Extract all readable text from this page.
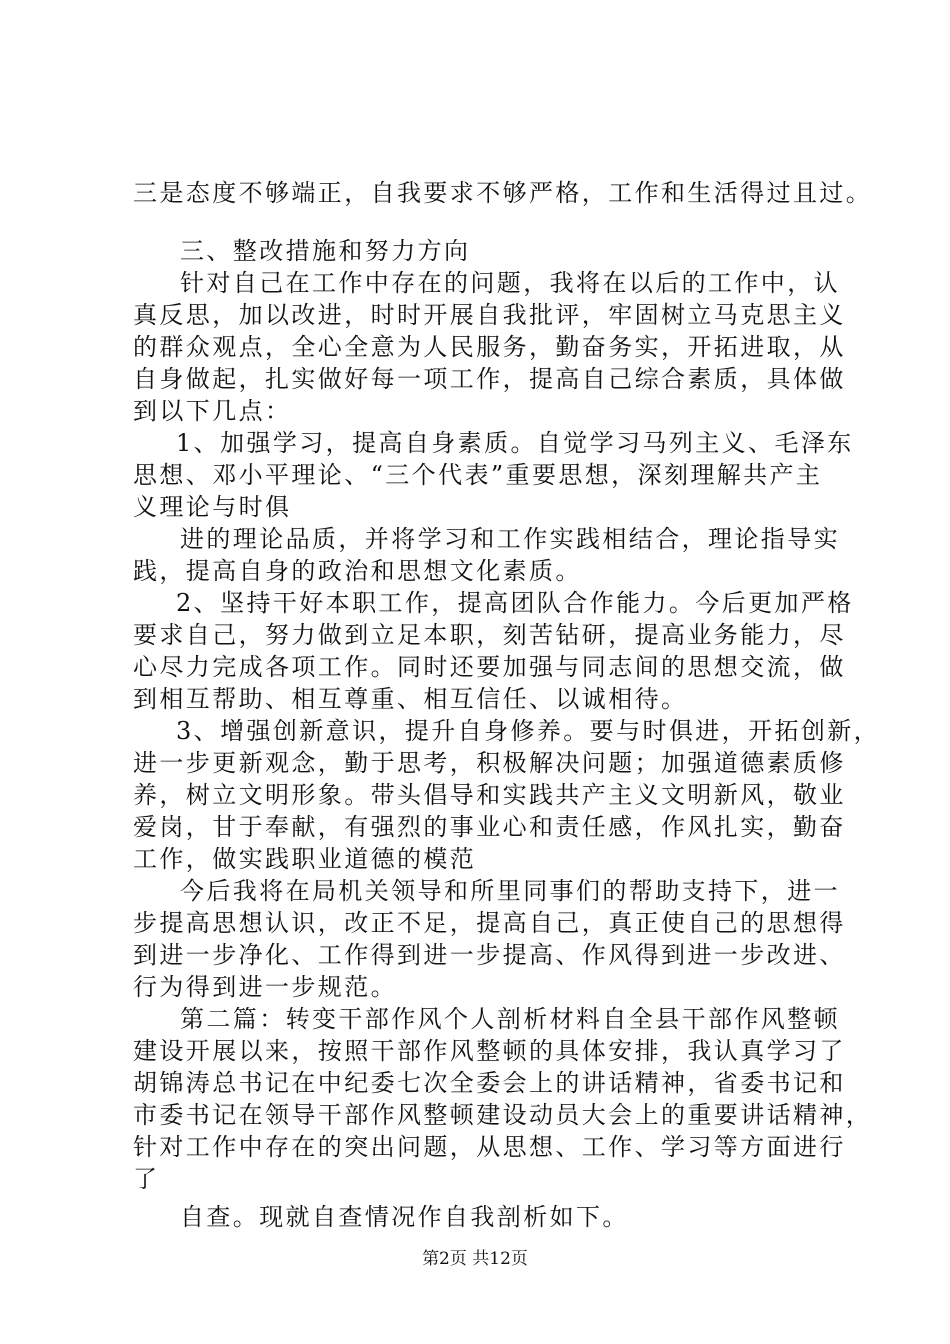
三是态度不够端正，自我要求不够严格，工作和生活得过且过。
三、整改措施和努力方向
针对自己在工作中存在的问题，我将在以后的工作中，认
真反思，加以改进，时时开展自我批评，牢固树立马克思主义
的群众观点，全心全意为人民服务，勤奋务实，开拓进取，从
自身做起，扎实做好每一项工作，提高自己综合素质，具体做
到以下几点：
1、加强学习，提高自身素质。自觉学习马列主义、毛泽东
思想、邓小平理论、“三个代表”重要思想，深刻理解共产主
义理论与时俱
进的理论品质，并将学习和工作实践相结合，理论指导实
践，提高自身的政治和思想文化素质。
2、坚持干好本职工作，提高团队合作能力。今后更加严格
要求自己，努力做到立足本职，刻苦钻研，提高业务能力，尽
心尽力完成各项工作。同时还要加强与同志间的思想交流，做
到相互帮助、相互尊重、相互信任、以诚相待。
3、增强创新意识，提升自身修养。要与时俱进，开拓创新，
进一步更新观念，勤于思考，积极解决问题；加强道德素质修
养，树立文明形象。带头倡导和实践共产主义文明新风，敬业
爱岗，甘于奉献，有强烈的事业心和责任感，作风扎实，勤奋
工作，做实践职业道德的模范
今后我将在局机关领导和所里同事们的帮助支持下，进一
步提高思想认识，改正不足，提高自己，真正使自己的思想得
到进一步净化、工作得到进一步提高、作风得到进一步改进、
行为得到进一步规范。
第二篇：转变干部作风个人剖析材料自全县干部作风整顿
建设开展以来，按照干部作风整顿的具体安排，我认真学习了
胡锦涛总书记在中纪委七次全委会上的讲话精神，省委书记和
市委书记在领导干部作风整顿建设动员大会上的重要讲话精神，
针对工作中存在的突出问题，从思想、工作、学习等方面进行
了
自查。现就自查情况作自我剖析如下。
第2页 共12页
